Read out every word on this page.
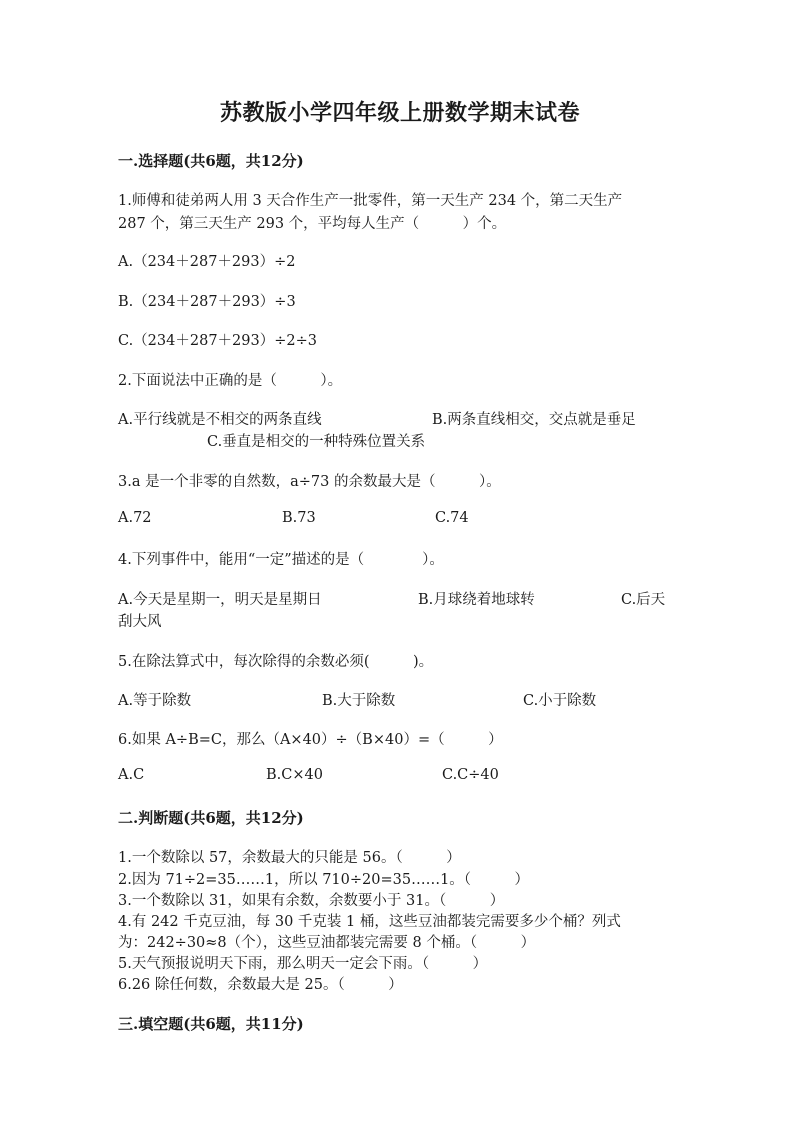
苏教版小学四年级上册数学期末试卷
一.选择题(共6题，共12分)
1.师傅和徒弟两人用 3 天合作生产一批零件，第一天生产 234 个，第二天生产
287 个，第三天生产 293 个，平均每人生产（　　　）个。
A.（234＋287＋293）÷2
B.（234＋287＋293）÷3
C.（234＋287＋293）÷2÷3
2.下面说法中正确的是（　　　）。
A.平行线就是不相交的两条直线	B.两条直线相交，交点就是垂足
C.垂直是相交的一种特殊位置关系
3.a 是一个非零的自然数，a÷73 的余数最大是（　　　）。
A.72	B.73	C.74
4.下列事件中，能用“一定”描述的是（　　　　）。
A.今天是星期一，明天是星期日	B.月球绕着地球转	C.后天
刮大风
5.在除法算式中，每次除得的余数必须(　　　)。
A.等于除数	B.大于除数	C.小于除数
6.如果 A÷B=C，那么（A×40）÷（B×40）=（　　　）
A.C	B.C×40	C.C÷40
二.判断题(共6题，共12分)
1.一个数除以 57，余数最大的只能是 56。（　　　）
2.因为 71÷2=35……1，所以 710÷20=35……1。（　　　）
3.一个数除以 31，如果有余数，余数要小于 31。（　　　）
4.有 242 千克豆油，每 30 千克装 1 桶，这些豆油都装完需要多少个桶？列式
为：242÷30≈8（个），这些豆油都装完需要 8 个桶。（　　　）
5.天气预报说明天下雨，那么明天一定会下雨。（　　　）
6.26 除任何数，余数最大是 25。（　　　）
三.填空题(共6题，共11分)
